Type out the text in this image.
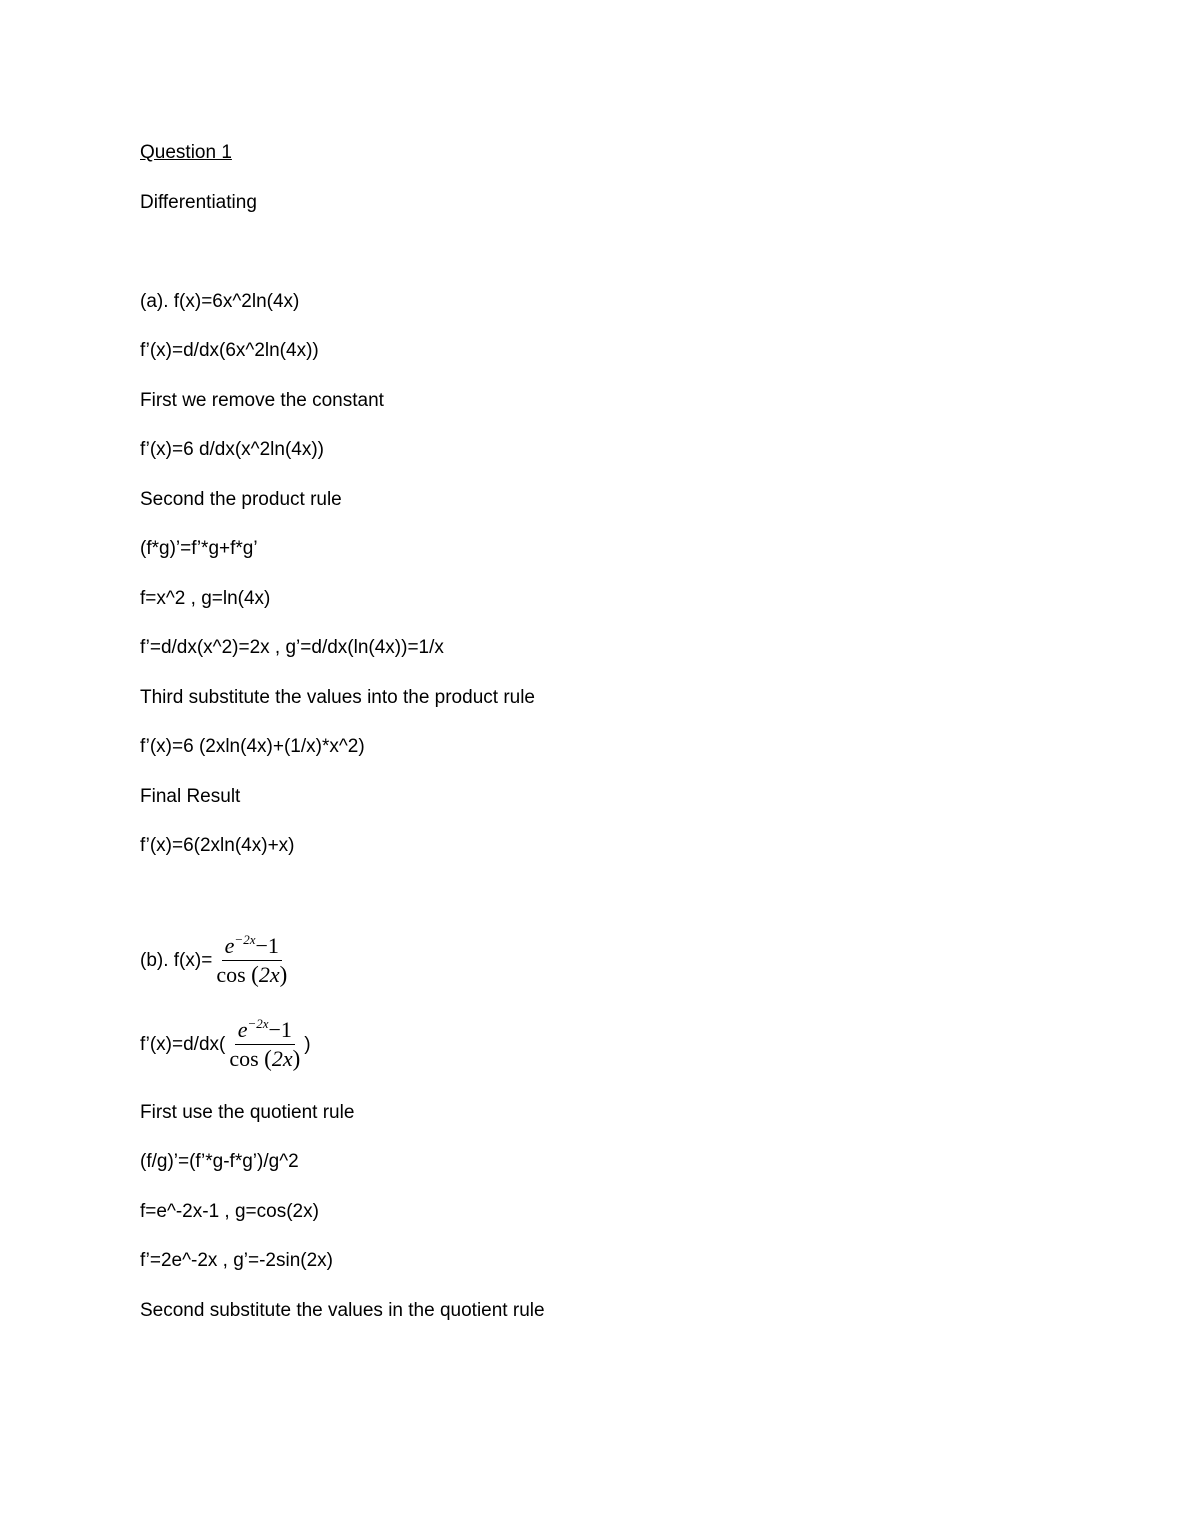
Question 1
Differentiating
(a). f(x)=6x^2ln(4x)
f’(x)=d/dx(6x^2ln(4x))
First we remove the constant
f’(x)=6 d/dx(x^2ln(4x))
Second the product rule
(f*g)’=f’*g+f*g’
f=x^2 , g=ln(4x)
f’=d/dx(x^2)=2x , g’=d/dx(ln(4x))=1/x
Third substitute the values into the product rule
f’(x)=6 (2xln(4x)+(1/x)*x^2)
Final Result
f’(x)=6(2xln(4x)+x)
(b). $f(x)= \frac{e^{-2x}-1}{\cos (2x)}$
f’(x)=d/dx( $\frac{e^{-2x}-1}{\cos (2x)}$ )
First use the quotient rule
(f/g)’=(f’*g-f*g’)/g^2
f=e^-2x-1 , g=cos(2x)
f’=2e^-2x , g’=-2sin(2x)
Second substitute the values in the quotient rule
